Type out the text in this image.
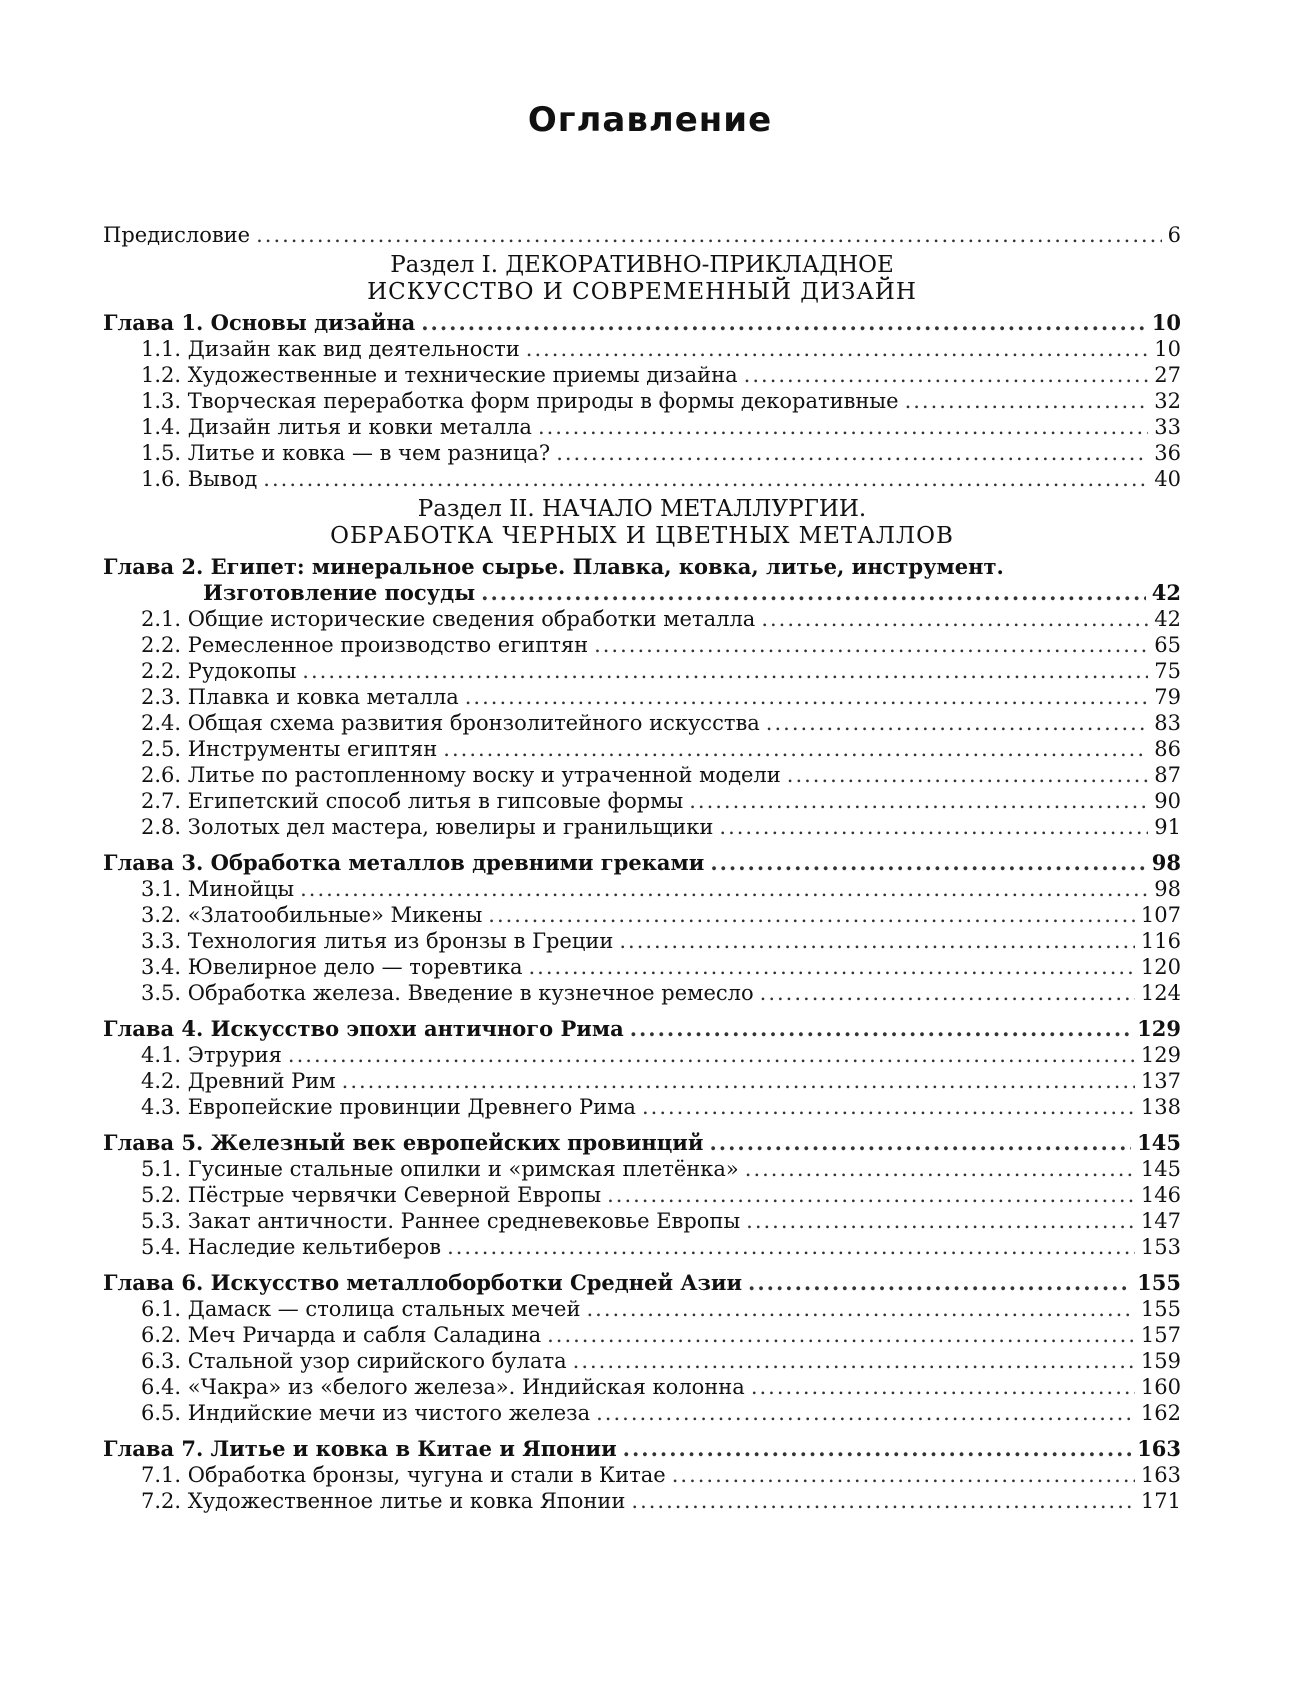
Оглавление
Предисловие .....	6
Раздел I. ДЕКОРАТИВНО-ПРИКЛАДНОЕ
ИСКУССТВО И СОВРЕМЕННЫЙ ДИЗАЙН
Глава 1. Основы дизайна .....	10
1.1. Дизайн как вид деятельности .....	10
1.2. Художественные и технические приемы дизайна .....	27
1.3. Творческая переработка форм природы в формы декоративные .....	32
1.4. Дизайн литья и ковки металла .....	33
1.5. Литье и ковка — в чем разница? .....	36
1.6. Вывод .....	40
Раздел II. НАЧАЛО МЕТАЛЛУРГИИ.
ОБРАБОТКА ЧЕРНЫХ И ЦВЕТНЫХ МЕТАЛЛОВ
Глава 2. Египет: минеральное сырье. Плавка, ковка, литье, инструмент.
Изготовление посуды .....	42
2.1. Общие исторические сведения обработки металла .....	42
2.2. Ремесленное производство египтян .....	65
2.2. Рудокопы .....	75
2.3. Плавка и ковка металла .....	79
2.4. Общая схема развития бронзолитейного искусства .....	83
2.5. Инструменты египтян .....	86
2.6. Литье по растопленному воску и утраченной модели .....	87
2.7. Египетский способ литья в гипсовые формы .....	90
2.8. Золотых дел мастера, ювелиры и гранильщики .....	91
Глава 3. Обработка металлов древними греками .....	98
3.1. Минойцы .....	98
3.2. «Златообильные» Микены .....	107
3.3. Технология литья из бронзы в Греции .....	116
3.4. Ювелирное дело — торевтика .....	120
3.5. Обработка железа. Введение в кузнечное ремесло .....	124
Глава 4. Искусство эпохи античного Рима .....	129
4.1. Этрурия .....	129
4.2. Древний Рим .....	137
4.3. Европейские провинции Древнего Рима .....	138
Глава 5. Железный век европейских провинций .....	145
5.1. Гусиные стальные опилки и «римская плетёнка» .....	145
5.2. Пёстрые червячки Северной Европы .....	146
5.3. Закат античности. Раннее средневековье Европы .....	147
5.4. Наследие кельтиберов .....	153
Глава 6. Искусство металлоборботки Средней Азии .....	155
6.1. Дамаск — столица стальных мечей .....	155
6.2. Меч Ричарда и сабля Саладина .....	157
6.3. Стальной узор сирийского булата .....	159
6.4. «Чакра» из «белого железа». Индийская колонна .....	160
6.5. Индийские мечи из чистого железа .....	162
Глава 7. Литье и ковка в Китае и Японии .....	163
7.1. Обработка бронзы, чугуна и стали в Китае .....	163
7.2. Художественное литье и ковка Японии .....	171
